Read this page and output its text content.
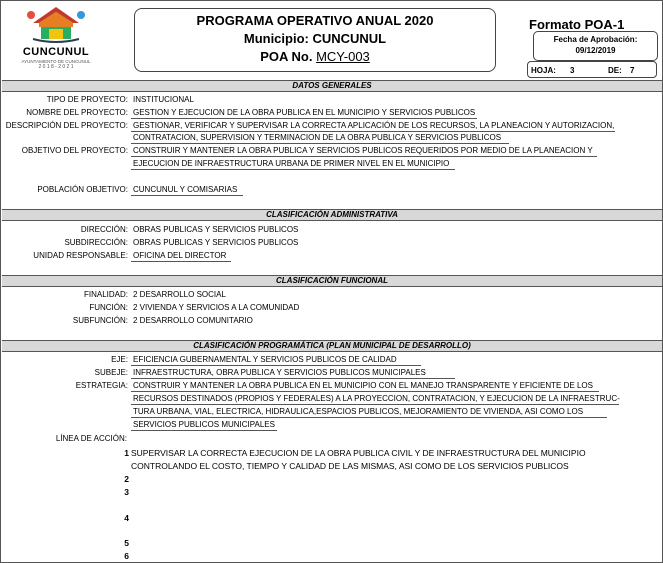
CUNCUNUL
AYUNTAMIENTO DE CUNCUNUL
2 0 1 8 - 2 0 2 1
PROGRAMA OPERATIVO ANUAL 2020
Municipio: CUNCUNUL
POA No. MCY-003
Formato POA-1
Fecha de Aprobación:
09/12/2019
HOJA: 3	DE: 7
DATOS GENERALES
TIPO DE PROYECTO: INSTITUCIONAL
NOMBRE DEL PROYECTO: GESTION Y EJECUCION DE LA OBRA PUBLICA EN EL MUNICIPIO Y SERVICIOS PUBLICOS
DESCRIPCIÓN DEL PROYECTO: GESTIONAR, VERIFICAR Y SUPERVISAR LA CORRECTA APLICACIÓN DE LOS RECURSOS, LA PLANEACION Y AUTORIZACION,
CONTRATACION, SUPERVISION Y TERMINACION DE LA OBRA PUBLICA Y SERVICIOS PUBLICOS
OBJETIVO DEL PROYECTO: CONSTRUIR Y MANTENER LA OBRA PUBLICA Y SERVICIOS PUBLICOS REQUERIDOS POR MEDIO DE LA PLANEACION Y
EJECUCION DE INFRAESTRUCTURA URBANA DE PRIMER NIVEL EN EL MUNICIPIO
POBLACIÓN OBJETIVO: CUNCUNUL Y COMISARIAS
CLASIFICACIÓN ADMINISTRATIVA
DIRECCIÓN: OBRAS PUBLICAS Y SERVICIOS PUBLICOS
SUBDIRECCIÓN: OBRAS PUBLICAS Y SERVICIOS PUBLICOS
UNIDAD RESPONSABLE: OFICINA DEL DIRECTOR
CLASIFICACIÓN FUNCIONAL
FINALIDAD: 2 DESARROLLO SOCIAL
FUNCIÓN: 2 VIVIENDA Y SERVICIOS A LA COMUNIDAD
SUBFUNCIÓN: 2 DESARROLLO COMUNITARIO
CLASIFICACIÓN PROGRAMÁTICA (PLAN MUNICIPAL DE DESARROLLO)
EJE: EFICIENCIA GUBERNAMENTAL Y SERVICIOS PUBLICOS DE CALIDAD
SUBEJE: INFRAESTRUCTURA, OBRA PUBLICA Y SERVICIOS PUBLICOS MUNICIPALES
ESTRATEGIA: CONSTRUIR Y MANTENER LA OBRA PUBLICA EN EL MUNICIPIO CON EL MANEJO TRANSPARENTE Y EFICIENTE DE LOS
RECURSOS DESTINADOS (PROPIOS Y FEDERALES) A LA PROYECCION, CONTRATACION, Y EJECUCION DE LA INFRAESTRUC-
TURA URBANA, VIAL, ELECTRICA, HIDRAULICA,ESPACIOS PUBLICOS, MEJORAMIENTO DE VIVIENDA, ASI COMO LOS
SERVICIOS PUBLICOS MUNICIPALES
LÍNEA DE ACCIÓN:
1 SUPERVISAR LA CORRECTA EJECUCION DE LA OBRA PUBLICA CIVIL Y DE INFRAESTRUCTURA DEL MUNICIPIO
CONTROLANDO EL COSTO, TIEMPO Y CALIDAD DE LAS MISMAS, ASI COMO DE LOS SERVICIOS PUBLICOS
2
3
4
5
6
